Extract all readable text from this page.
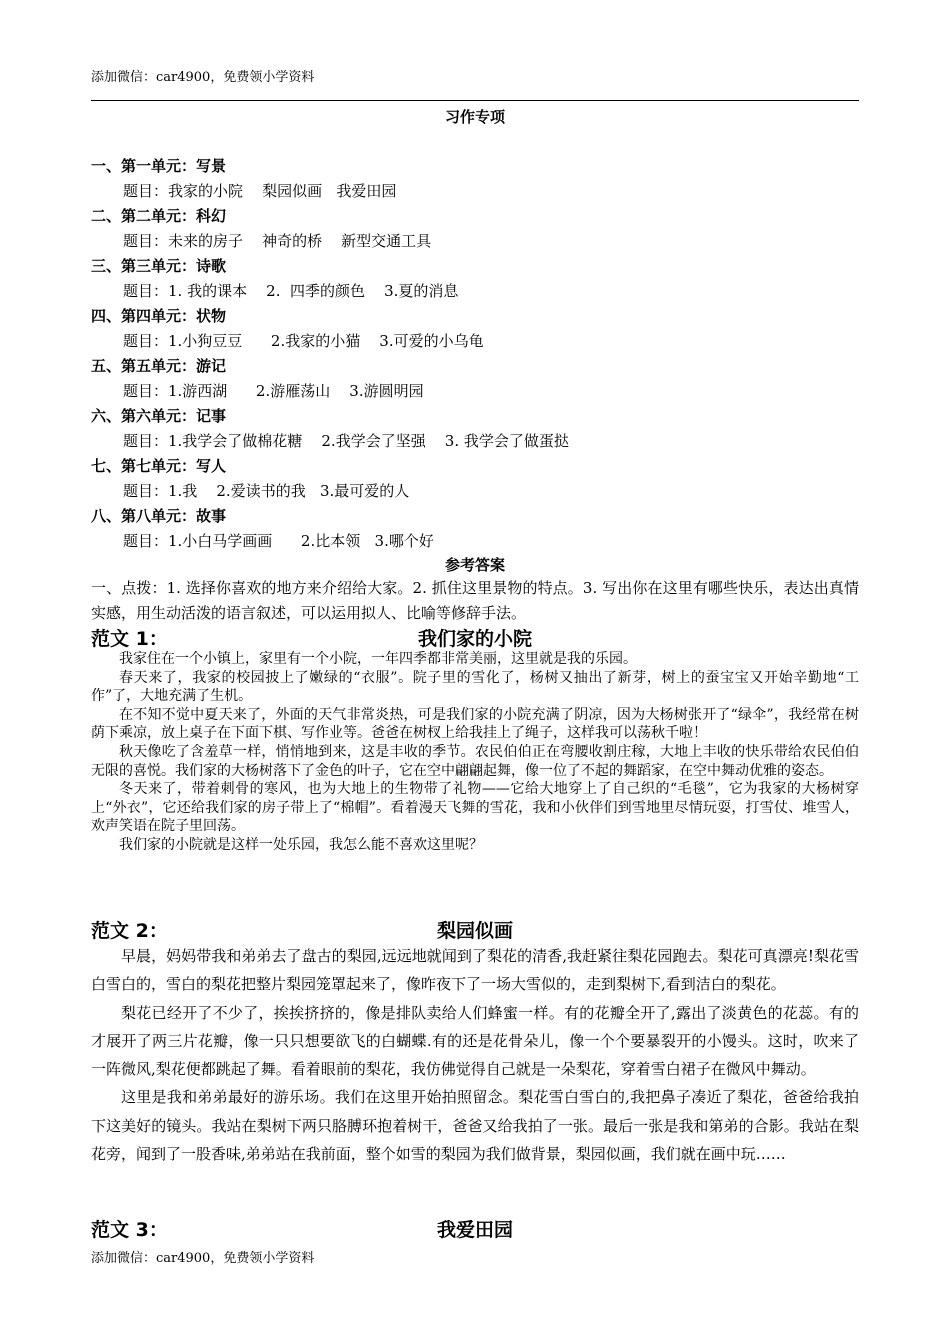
添加微信：car4900，免费领小学资料
习作专项
一、第一单元：写景
题目：我家的小院    梨园似画   我爱田园
二、第二单元：科幻
题目：未来的房子    神奇的桥    新型交通工具
三、第三单元：诗歌
题目：1. 我的课本    2.  四季的颜色    3.夏的消息
四、第四单元：状物
题目：1.小狗豆豆      2.我家的小猫    3.可爱的小乌龟
五、第五单元：游记
题目：1.游西湖      2.游雁荡山    3.游圆明园
六、第六单元：记事
题目：1.我学会了做棉花糖    2.我学会了坚强    3. 我学会了做蛋挞
七、第七单元：写人
题目：1.我    2.爱读书的我   3.最可爱的人
八、第八单元：故事
题目：1.小白马学画画      2.比本领   3.哪个好
参考答案
一、点拨：1. 选择你喜欢的地方来介绍给大家。2. 抓住这里景物的特点。3. 写出你在这里有哪些快乐，表达出真情实感，用生动活泼的语言叙述，可以运用拟人、比喻等修辞手法。
范文 1：	我们家的小院

我家住在一个小镇上，家里有一个小院，一年四季都非常美丽，这里就是我的乐园。

春天来了，我家的校园披上了嫩绿的“衣服”。院子里的雪化了，杨树又抽出了新芽，树上的蚕宝宝又开始辛勤地“工作”了，大地充满了生机。

在不知不觉中夏天来了，外面的天气非常炎热，可是我们家的小院充满了阴凉，因为大杨树张开了“绿伞”，我经常在树荫下乘凉，放上桌子在下面下棋、写作业等。爸爸在树杈上给我挂上了绳子，这样我可以荡秋千啦！

秋天像吃了含羞草一样，悄悄地到来，这是丰收的季节。农民伯伯正在弯腰收割庄稼，大地上丰收的快乐带给农民伯伯无限的喜悦。我们家的大杨树落下了金色的叶子，它在空中翩翩起舞，像一位了不起的舞蹈家，在空中舞动优雅的姿态。

冬天来了，带着刺骨的寒风，也为大地上的生物带了礼物——它给大地穿上了自己织的“毛毯”，它为我家的大杨树穿上“外衣”，它还给我们家的房子带上了“棉帽”。看着漫天飞舞的雪花，我和小伙伴们到雪地里尽情玩耍，打雪仗、堆雪人，欢声笑语在院子里回荡。

我们家的小院就是这样一处乐园，我怎么能不喜欢这里呢？

范文 2：	梨园似画

早晨，妈妈带我和弟弟去了盘古的梨园,远远地就闻到了梨花的清香,我赶紧往梨花园跑去。梨花可真漂亮!梨花雪白雪白的，雪白的梨花把整片梨园笼罩起来了，像昨夜下了一场大雪似的，走到梨树下,看到洁白的梨花。

梨花已经开了不少了，挨挨挤挤的，像是排队卖给人们蜂蜜一样。有的花瓣全开了,露出了淡黄色的花蕊。有的才展开了两三片花瓣，像一只只想要欲飞的白蝴蝶.有的还是花骨朵儿，像一个个要暴裂开的小馒头。这时，吹来了一阵微风,梨花便都跳起了舞。看着眼前的梨花，我仿佛觉得自己就是一朵梨花，穿着雪白裙子在微风中舞动。

这里是我和弟弟最好的游乐场。我们在这里开始拍照留念。梨花雪白雪白的,我把鼻子凑近了梨花，爸爸给我拍下这美好的镜头。我站在梨树下两只胳膊环抱着树干，爸爸又给我拍了一张。最后一张是我和第弟的合影。我站在梨花旁，闻到了一股香味,弟弟站在我前面，整个如雪的梨园为我们做背景，梨园似画，我们就在画中玩……

范文 3：	我爱田园
添加微信：car4900，免费领小学资料
